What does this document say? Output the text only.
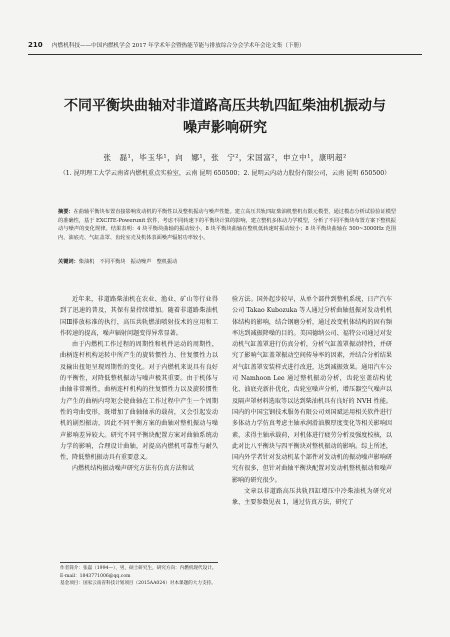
210 内燃机科技——中国内燃机学会 2017 年学术年会暨热能节能与排放综合分会学术年会论文集（下册）
不同平衡块曲轴对非道路高压共轨四缸柴油机振动与
噪声影响研究
张　磊¹，毕玉华¹，向　娜¹，张　宁²，宋国富²，申立中¹，康明超²
（1. 昆明理工大学云南省内燃机重点实验室，云南 昆明 650500；2. 昆明云内动力股份有限公司，云南 昆明 650500）
摘要：在曲轴平衡块布置直接影响发动机的平衡性以及整机振动与噪声性能。建立高压共轨四缸柴油机整机有限元模型，通过模态分析试验验证模型的准确性，基于 EXCITE-Powerunit 软件，考虑不同转速下的平衡块计算的影响，建立整机多体动力学模型，分析了不同平衡块布置方案下整机振动与噪声的变化规律。结果表明：4 块平衡块曲轴的振动较小，8 块平衡块曲轴在整机低转速时振动较小；8 块平衡块曲轴在 500~3000Hz 范围内，油底壳、气缸盖罩、齿轮室壳及机体表面噪声辐射功率较小。
关键词：柴油机　不同平衡块　振动噪声　整机振动

近年来，非道路柴油机在农业、渔业、矿山等行业得到了迅速的普及，其保有量持续增加。随着非道路柴油机国Ⅲ排放标准的执行，高压共轨燃油喷射技术的应用和工作转速的提高，噪声辐射问题变得异常显著。

由于内燃机工作过程的周期性和机件运动的周期性，曲柄连杆机构运转中所产生的旋转惯性力、往复惯性力以及输出扭矩呈现周期性的变化。对于内燃机来说具有良好的平衡性，对降低整机振动与噪声极其重要。由于机体与曲轴非常刚性，曲柄连杆机构的往复惯性力以及旋转惯性力产生的曲柄内弯矩会使曲轴在工作过程中产生一个周期性的弯曲变形，既增加了曲轴轴承的载荷，又会引起发动机的剧烈振动，因此不同平衡方案的曲轴对整机振动与噪声影响差异较大。研究不同平衡块配置方案对曲轴系统动力学的影响，合理设计曲轴，对提高内燃机可靠性与耐久性，降低整机振动具有重要意义。

内燃机结构振动噪声研究方法有仿真方法和试

验方法。国外起步较早，从单个部件到整机系统，日产汽车公司 Takao Kubozuka 等人通过分析曲轴扭振对发动机机体结构的影响，结合钢磨分析，通过改变机体结构的固有频率达到减振降噪的目的。美国德纳公司、福特公司通过对发动机气缸盖罩进行仿真分析，分析气缸盖罩振动特性，并研究了影响气缸盖罩振动空间传导率的因素，并结合分析结果对气缸盖罩安装样式进行改进，达到减振效果。通用汽车公司 Namhoon Lee 通过整机振动分析，齿轮室盖结构优化、油底壳新扑优化，齿轮室噪声分析，增压器空气噪声以及隔声罩材料选取等以达到柴油机具有良好的 NVH 性能。国内的中国宝钢技术服务有限公司刘国斌运用相关软件进行多体动力学仿真考虑主轴承润滑油膜厚度变化等相关影响因素，求得主轴承载荷，对机体进行疲劳分析及强度校核，以此对比八平衡块与四平衡块对整机振动的影响。综上所述，国内外学者针对发动机某个部件对发动机的振动噪声影响研究有很多，但针对曲轴平衡块配置对发动机整机振动和噪声影响的研究很少。

文章以非道路高压共轨四缸增压中冷柴油机为研究对象，主要参数见表 1，通过仿真方法，研究了

作者简介：张磊（1994—），男，硕士研究生，研究方向：内燃机现代设计。
E-mail：1843771006@qq.com
基金项目：国家云南省科技计划项目（2015AA024）对本课题的大力支持。
